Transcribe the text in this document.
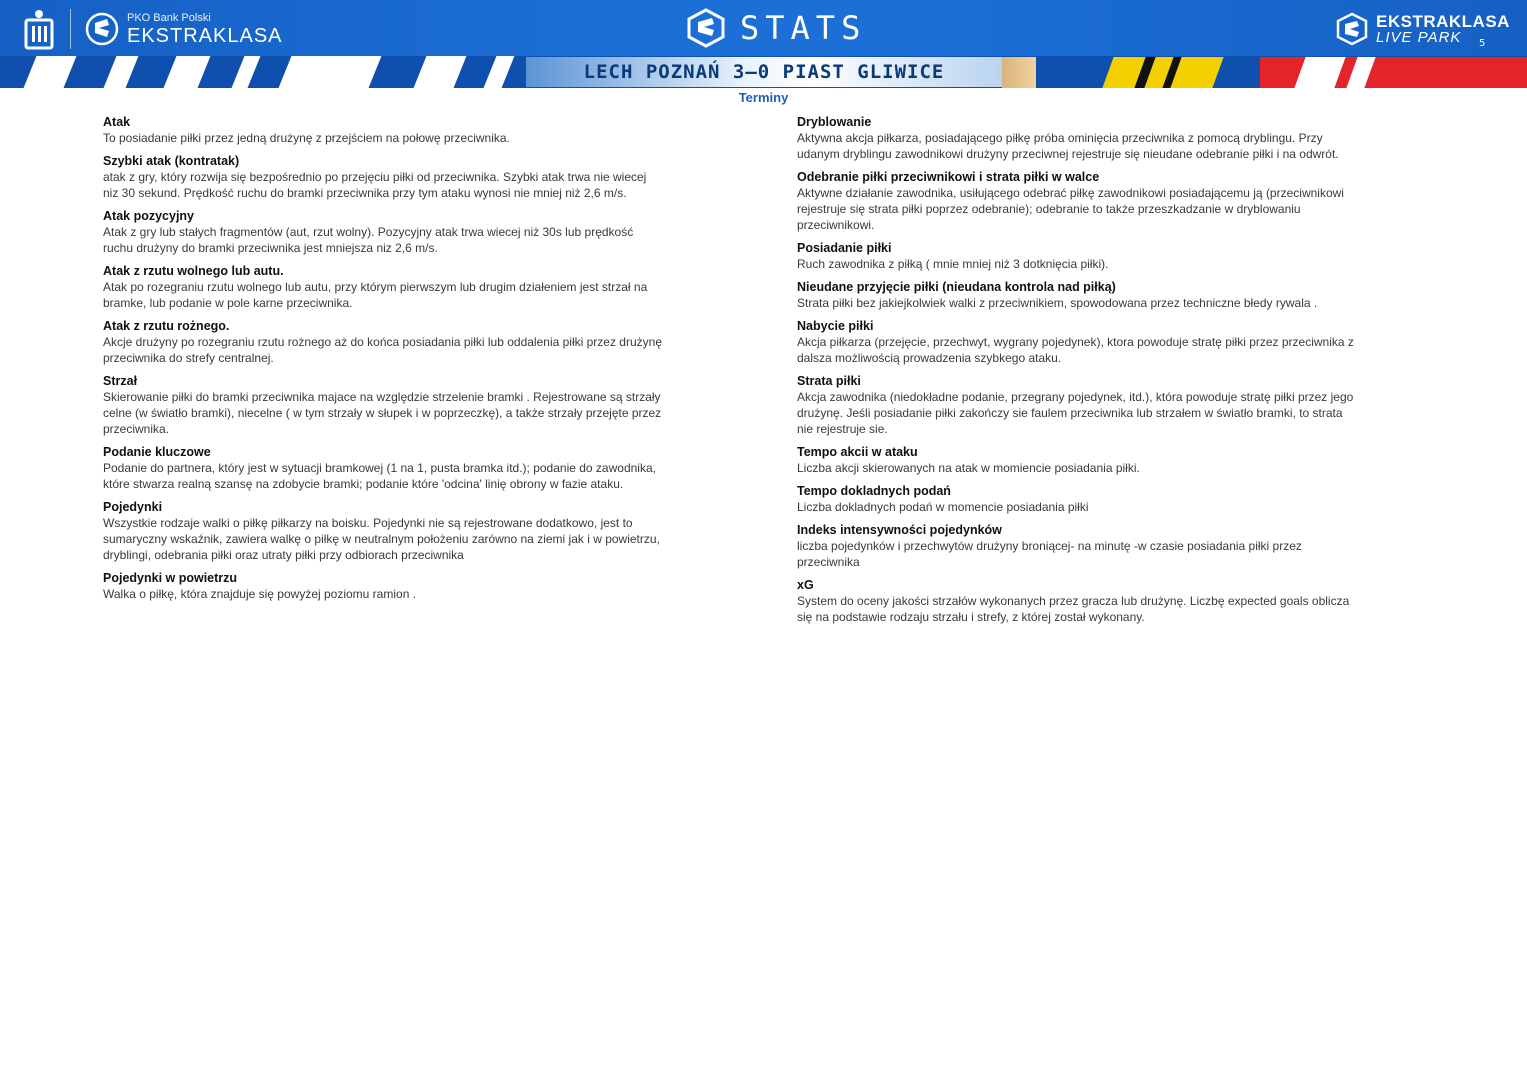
PKO Bank Polski
EKSTRAKLASA	STATS	EKSTRAKLASA
LIVE PARK	5
LECH POZNAŃ 3–0 PIAST GLIWICE
Terminy
Atak
To posiadanie piłki przez jedną drużynę z przejściem na połowę przeciwnika.
Szybki atak (kontratak)
atak z gry, który rozwija się bezpośrednio po przejęciu piłki od przeciwnika. Szybki atak trwa nie wiecej
niz 30 sekund. Prędkość ruchu do bramki przeciwnika przy tym ataku wynosi nie mniej niż 2,6 m/s.
Atak pozycyjny
Atak z gry lub stałych fragmentów (aut, rzut wolny). Pozycyjny atak trwa wiecej niż 30s lub prędkość
ruchu drużyny do bramki przeciwnika jest mniejsza niz 2,6 m/s.
Atak z rzutu wolnego lub autu.
Atak po rozegraniu rzutu wolnego lub autu, przy którym pierwszym lub drugim działeniem jest strzał na
bramke, lub podanie w pole karne przeciwnika.
Atak z rzutu rożnego.
Akcje drużyny po rozegraniu rzutu rożnego aż do końca posiadania piłki lub oddalenia piłki przez drużynę
przeciwnika do strefy centralnej.
Strzał
Skierowanie piłki do bramki przeciwnika majace na względzie strzelenie bramki . Rejestrowane są strzały
celne (w światło bramki), niecelne ( w tym strzały w słupek i w poprzeczkę), a także strzały przejęte przez
przeciwnika.
Podanie kluczowe
Podanie do partnera, który jest w sytuacji bramkowej (1 na 1, pusta bramka itd.); podanie do zawodnika,
które stwarza realną szansę na zdobycie bramki; podanie które 'odcina' linię obrony w fazie ataku.
Pojedynki
Wszystkie rodzaje walki o piłkę piłkarzy na boisku. Pojedynki nie są rejestrowane dodatkowo, jest to
sumaryczny wskaźnik, zawiera walkę o piłkę w neutralnym położeniu zarówno na ziemi jak i w powietrzu,
dryblingi, odebrania piłki oraz utraty piłki przy odbiorach przeciwnika
Pojedynki w powietrzu
Walka o piłkę, która znajduje się powyżej poziomu ramion .
Dryblowanie
Aktywna akcja piłkarza, posiadającego piłkę próba ominięcia przeciwnika z pomocą dryblingu. Przy
udanym dryblingu zawodnikowi drużyny przeciwnej rejestruje się nieudane odebranie piłki i na odwrót.
Odebranie piłki przeciwnikowi i strata piłki w walce
Aktywne działanie zawodnika, usiłującego odebrać piłkę zawodnikowi posiadającemu ją (przeciwnikowi
rejestruje się strata piłki poprzez odebranie); odebranie to także przeszkadzanie w dryblowaniu
przeciwnikowi.
Posiadanie piłki
Ruch zawodnika z piłką ( mnie mniej niż 3 dotknięcia piłki).
Nieudane przyjęcie piłki (nieudana kontrola nad piłką)
Strata piłki bez jakiejkolwiek walki z przeciwnikiem, spowodowana przez techniczne błedy rywala .
Nabycie piłki
Akcja piłkarza (przejęcie, przechwyt, wygrany pojedynek), ktora powoduje stratę piłki przez przeciwnika z
dalsza możliwością prowadzenia szybkego ataku.
Strata piłki
Akcja zawodnika (niedokładne podanie, przegrany pojedynek, itd.), która powoduje stratę piłki przez jego
drużynę. Jeśli posiadanie piłki zakończy sie faulem przeciwnika lub strzałem w światło bramki, to strata
nie rejestruje sie.
Tempo akcii w ataku
Liczba akcji skierowanych na atak w momiencie posiadania piłki.
Tempo dokladnych podań
Liczba dokladnych podań w momencie posiadania piłki
Indeks intensywności pojedynków
liczba pojedynków i przechwytów drużyny broniącej- na minutę -w czasie posiadania piłki przez
przeciwnika
xG
System do oceny jakości strzałów wykonanych przez gracza lub drużynę. Liczbę expected goals oblicza
się na podstawie rodzaju strzału i strefy, z której został wykonany.
